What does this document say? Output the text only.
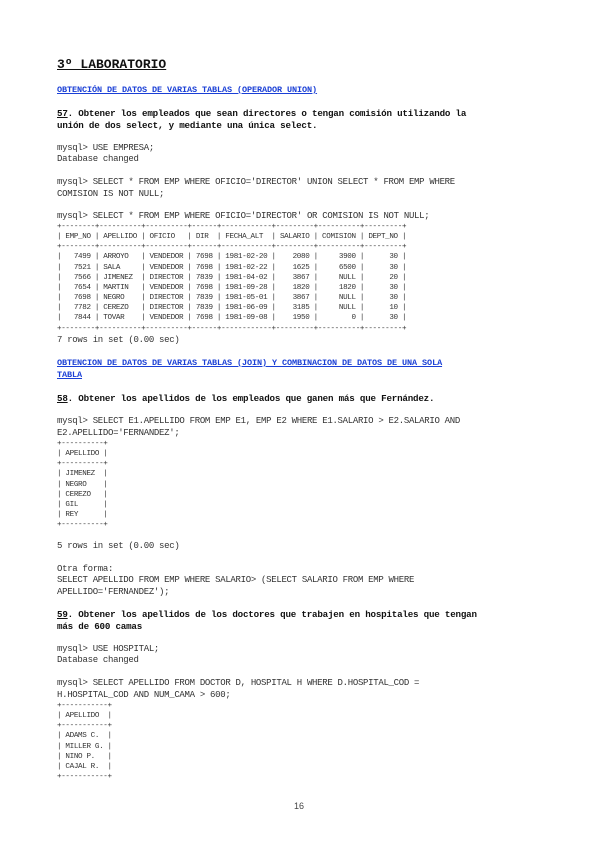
3º LABORATORIO
OBTENCIÓN DE DATOS DE VARIAS TABLAS (OPERADOR UNION)
57. Obtener los empleados que sean directores o tengan comisión utilizando la
unión de dos select, y mediante una única select.
mysql> USE EMPRESA;
Database changed
mysql> SELECT * FROM EMP WHERE OFICIO='DIRECTOR' UNION SELECT * FROM EMP WHERE
COMISION IS NOT NULL;
mysql> SELECT * FROM EMP WHERE OFICIO='DIRECTOR' OR COMISION IS NOT NULL;
+--------+----------+----------+------+------------+---------+----------+---------+
| EMP_NO | APELLIDO | OFICIO   | DIR  | FECHA_ALT  | SALARIO | COMISION | DEPT_NO |
+--------+----------+----------+------+------------+---------+----------+---------+
|   7499 | ARROYO   | VENDEDOR | 7698 | 1981-02-20 |    2080 |     3900 |      30 |
|   7521 | SALA     | VENDEDOR | 7698 | 1981-02-22 |    1625 |     6500 |      30 |
|   7566 | JIMENEZ  | DIRECTOR | 7839 | 1981-04-02 |    3867 |     NULL |      20 |
|   7654 | MARTIN   | VENDEDOR | 7698 | 1981-09-28 |    1820 |     1820 |      30 |
|   7698 | NEGRO    | DIRECTOR | 7839 | 1981-05-01 |    3867 |     NULL |      30 |
|   7782 | CEREZO   | DIRECTOR | 7839 | 1981-06-09 |    3185 |     NULL |      10 |
|   7844 | TOVAR    | VENDEDOR | 7698 | 1981-09-08 |    1950 |        0 |      30 |
+--------+----------+----------+------+------------+---------+----------+---------+
7 rows in set (0.00 sec)
OBTENCION DE DATOS DE VARIAS TABLAS (JOIN) Y COMBINACION DE DATOS DE UNA SOLA
TABLA
58. Obtener los apellidos de los empleados que ganen más que Fernández.
mysql> SELECT E1.APELLIDO FROM EMP E1, EMP E2 WHERE E1.SALARIO > E2.SALARIO AND
E2.APELLIDO='FERNANDEZ';
+----------+
| APELLIDO |
+----------+
| JIMENEZ  |
| NEGRO    |
| CEREZO   |
| GIL      |
| REY      |
+----------+
5 rows in set (0.00 sec)
Otra forma:
SELECT APELLIDO FROM EMP WHERE SALARIO> (SELECT SALARIO FROM EMP WHERE
APELLIDO='FERNANDEZ');
59. Obtener los apellidos de los doctores que trabajen en hospitales que tengan
más de 600 camas
mysql> USE HOSPITAL;
Database changed
mysql> SELECT APELLIDO FROM DOCTOR D, HOSPITAL H WHERE D.HOSPITAL_COD =
H.HOSPITAL_COD AND NUM_CAMA > 600;
+-----------+
| APELLIDO  |
+-----------+
| ADAMS C.  |
| MILLER G. |
| NINO P.   |
| CAJAL R.  |
+-----------+
16
